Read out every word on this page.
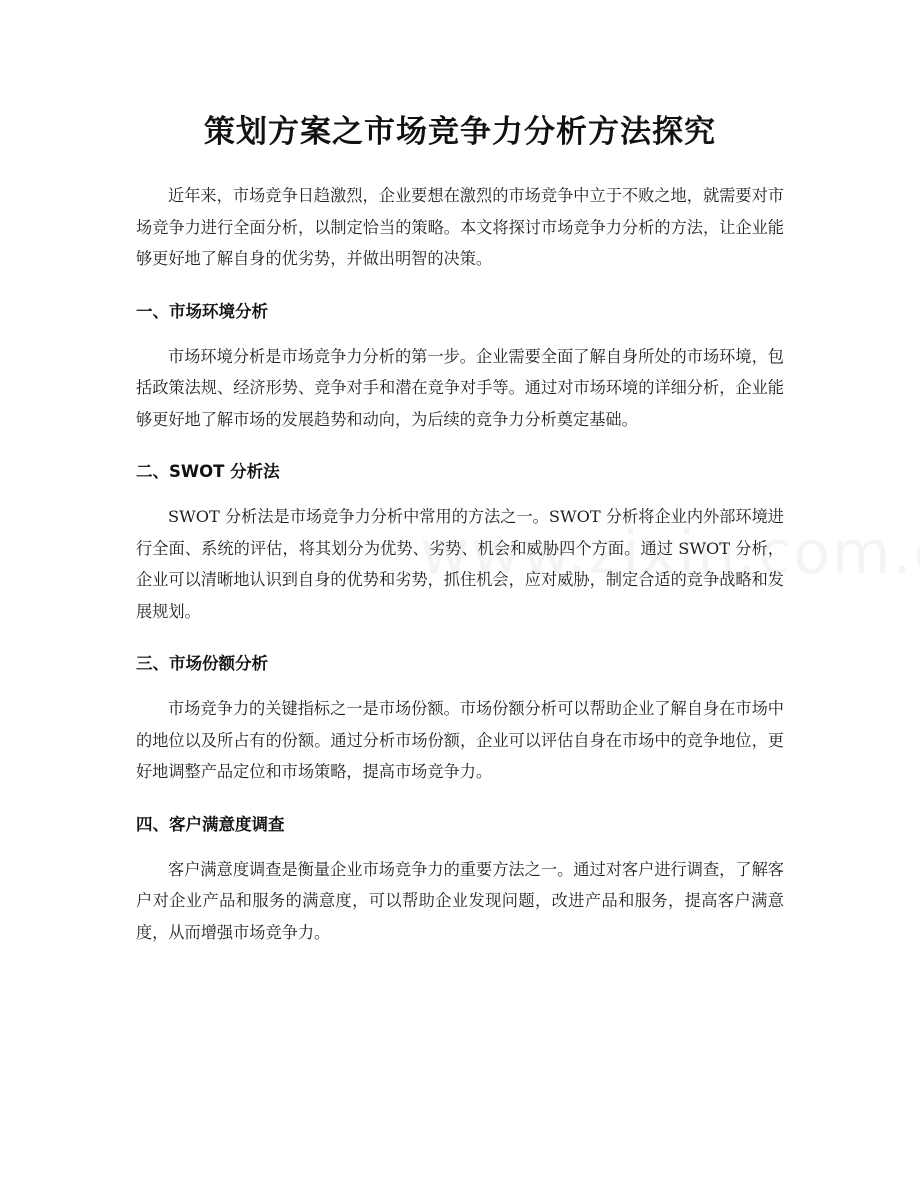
策划方案之市场竞争力分析方法探究

近年来，市场竞争日趋激烈，企业要想在激烈的市场竞争中立于不败之地，就需要对市场竞争力进行全面分析，以制定恰当的策略。本文将探讨市场竞争力分析的方法，让企业能够更好地了解自身的优劣势，并做出明智的决策。

一、市场环境分析

市场环境分析是市场竞争力分析的第一步。企业需要全面了解自身所处的市场环境，包括政策法规、经济形势、竞争对手和潜在竞争对手等。通过对市场环境的详细分析，企业能够更好地了解市场的发展趋势和动向，为后续的竞争力分析奠定基础。

二、SWOT 分析法

SWOT 分析法是市场竞争力分析中常用的方法之一。SWOT 分析将企业内外部环境进行全面、系统的评估，将其划分为优势、劣势、机会和威胁四个方面。通过 SWOT 分析，企业可以清晰地认识到自身的优势和劣势，抓住机会，应对威胁，制定合适的竞争战略和发展规划。

三、市场份额分析

市场竞争力的关键指标之一是市场份额。市场份额分析可以帮助企业了解自身在市场中的地位以及所占有的份额。通过分析市场份额，企业可以评估自身在市场中的竞争地位，更好地调整产品定位和市场策略，提高市场竞争力。

四、客户满意度调查

客户满意度调查是衡量企业市场竞争力的重要方法之一。通过对客户进行调查，了解客户对企业产品和服务的满意度，可以帮助企业发现问题，改进产品和服务，提高客户满意度，从而增强市场竞争力。
